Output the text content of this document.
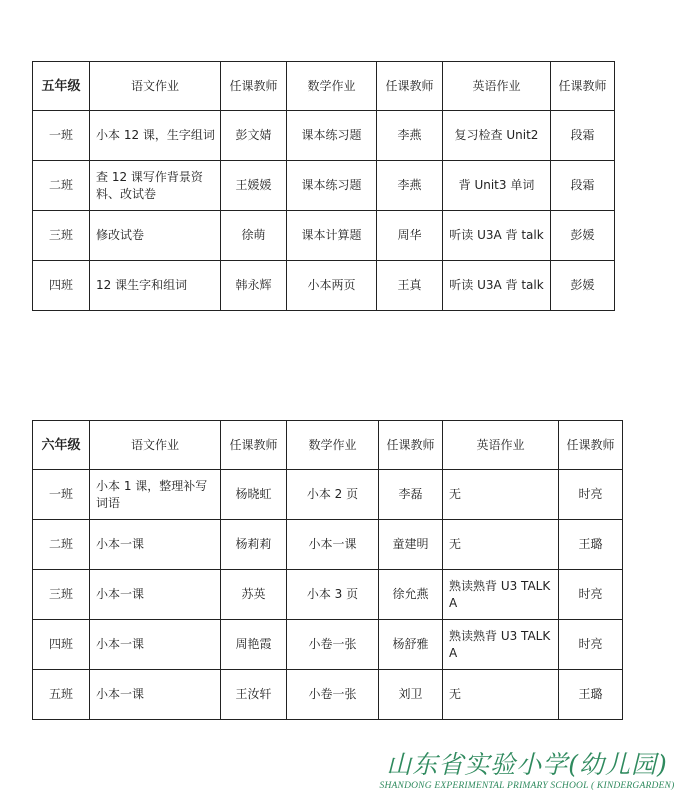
五年级	语文作业	任课教师	数学作业	任课教师	英语作业	任课教师
一班	小本 12 课，生字组词	彭文婧	课本练习题	李燕	复习检查 Unit2	段霜
二班	查 12 课写作背景资料、改试卷	王媛媛	课本练习题	李燕	背 Unit3 单词	段霜
三班	修改试卷	徐萌	课本计算题	周华	听读 U3A 背 talk	彭媛
四班	12 课生字和组词	韩永辉	小本两页	王真	听读 U3A 背 talk	彭媛
六年级	语文作业	任课教师	数学作业	任课教师	英语作业	任课教师
一班	小本 1 课，整理补写词语	杨晓虹	小本 2 页	李磊	无	时亮
二班	小本一课	杨莉莉	小本一课	童建明	无	王璐
三班	小本一课	苏英	小本 3 页	徐允燕	熟读熟背 U3 TALK A	时亮
四班	小本一课	周艳霞	小卷一张	杨舒雅	熟读熟背 U3 TALK A	时亮
五班	小本一课	王汝轩	小卷一张	刘卫	无	王璐
山东省实验小学(幼儿园)
SHANDONG EXPERIMENTAL PRIMARY SCHOOL ( KINDERGARDEN)
